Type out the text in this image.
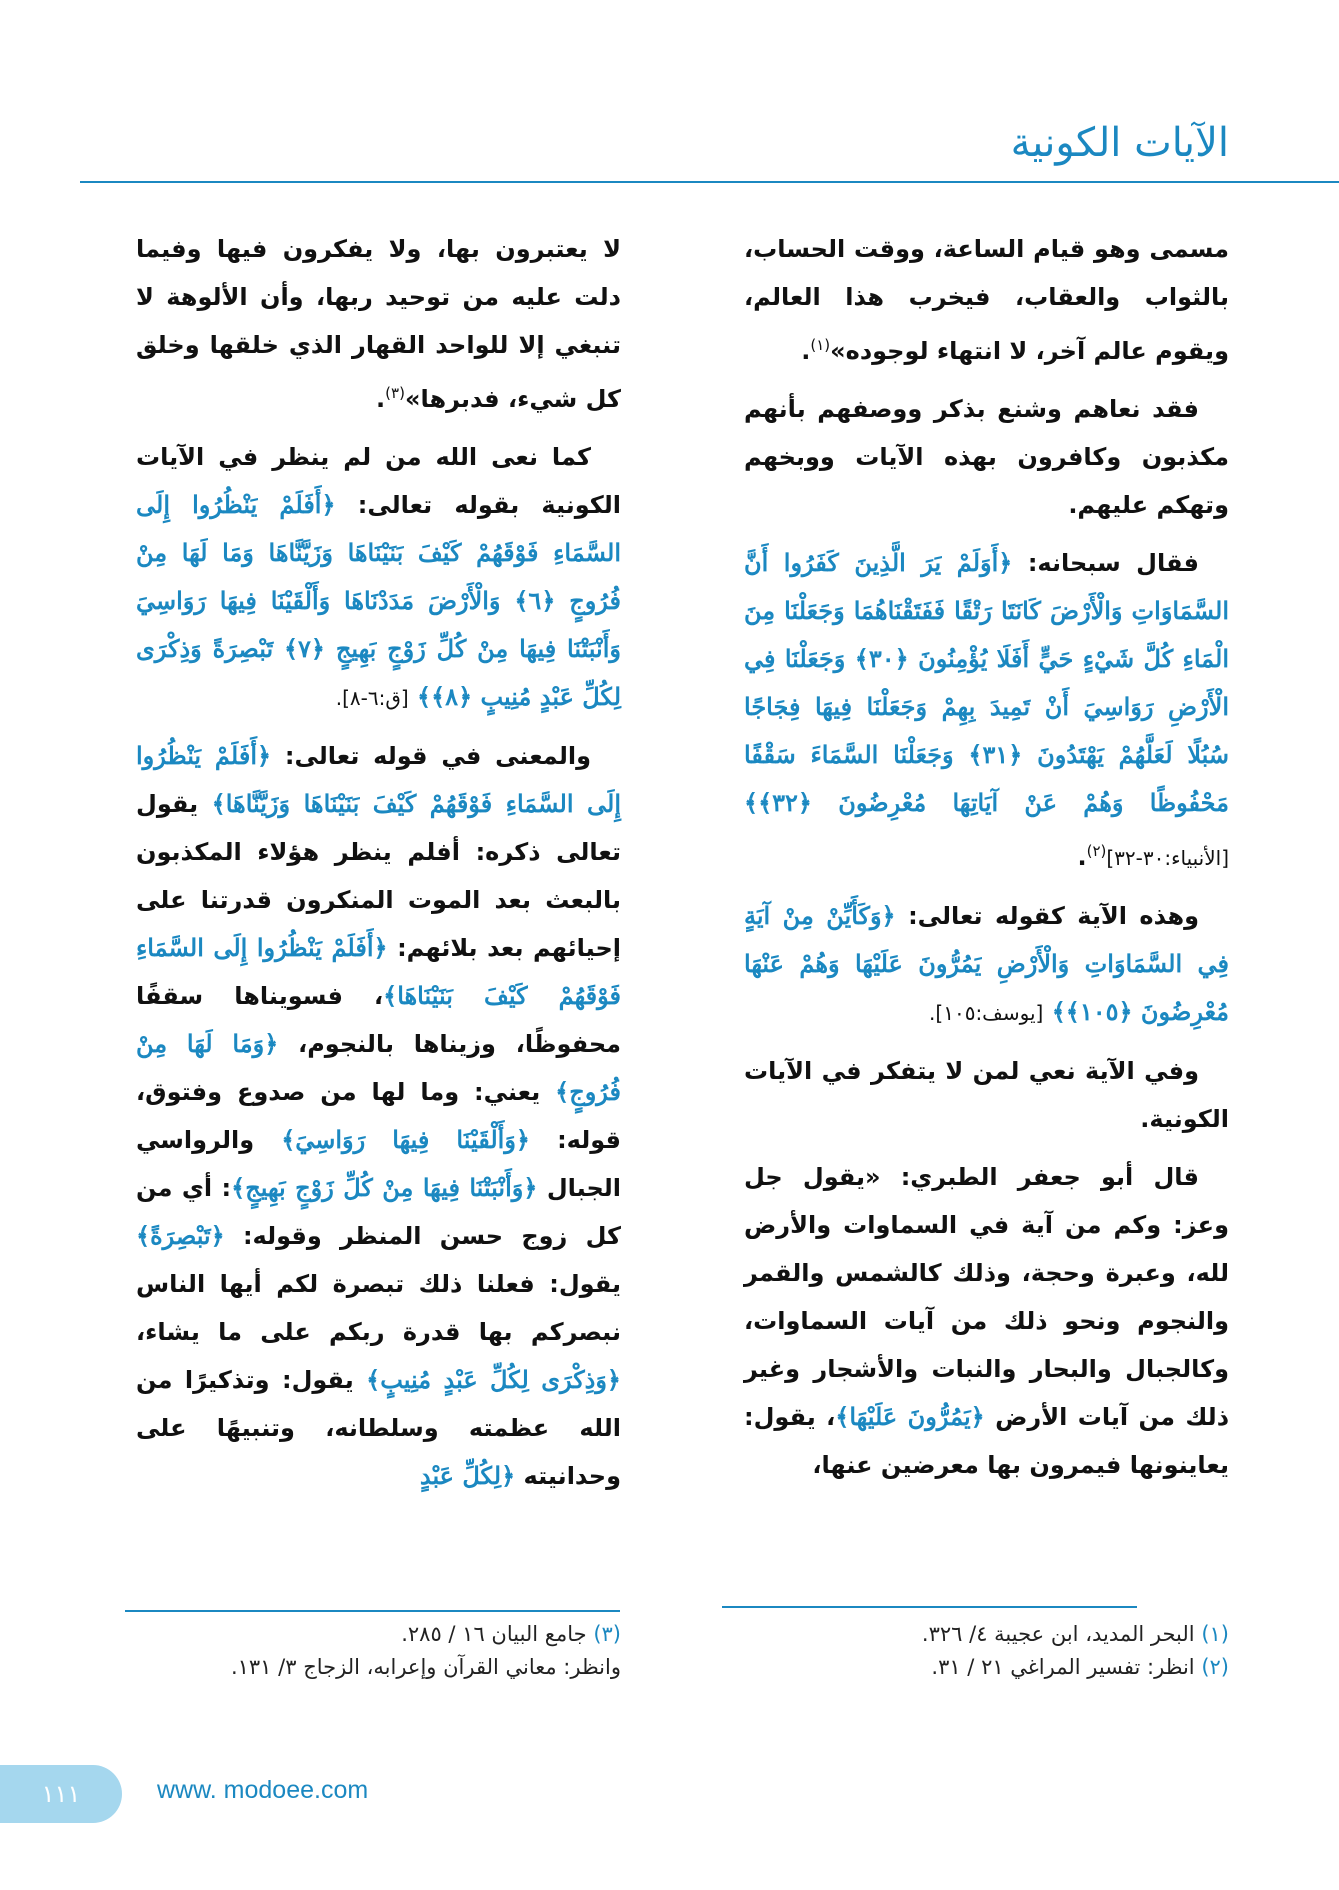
الآيات الكونية

مسمى وهو قيام الساعة، ووقت الحساب، بالثواب والعقاب، فيخرب هذا العالم، ويقوم عالم آخر، لا انتهاء لوجوده»$^{(١)}$.

فقد نعاهم وشنع بذكر ووصفهم بأنهم مكذبون وكافرون بهذه الآيات ووبخهم وتهكم عليهم.

فقال سبحانه: ﴿أَوَلَمْ يَرَ الَّذِينَ كَفَرُوا أَنَّ السَّمَاوَاتِ وَالْأَرْضَ كَانَتَا رَتْقًا فَفَتَقْنَاهُمَا وَجَعَلْنَا مِنَ الْمَاءِ كُلَّ شَيْءٍ حَيٍّ أَفَلَا يُؤْمِنُونَ ﴿٣٠﴾ وَجَعَلْنَا فِي الْأَرْضِ رَوَاسِيَ أَنْ تَمِيدَ بِهِمْ وَجَعَلْنَا فِيهَا فِجَاجًا سُبُلًا لَعَلَّهُمْ يَهْتَدُونَ ﴿٣١﴾ وَجَعَلْنَا السَّمَاءَ سَقْفًا مَحْفُوظًا وَهُمْ عَنْ آيَاتِهَا مُعْرِضُونَ ﴿٣٢﴾﴾ [الأنبياء:٣٠-٣٢]$^{(٢)}$.

وهذه الآية كقوله تعالى: ﴿وَكَأَيِّنْ مِنْ آيَةٍ فِي السَّمَاوَاتِ وَالْأَرْضِ يَمُرُّونَ عَلَيْهَا وَهُمْ عَنْهَا مُعْرِضُونَ ﴿١٠٥﴾﴾ [يوسف:١٠٥].

وفي الآية نعي لمن لا يتفكر في الآيات الكونية.

قال أبو جعفر الطبري: «يقول جل وعز: وكم من آية في السماوات والأرض لله، وعبرة وحجة، وذلك كالشمس والقمر والنجوم ونحو ذلك من آيات السماوات، وكالجبال والبحار والنبات والأشجار وغير ذلك من آيات الأرض ﴿يَمُرُّونَ عَلَيْهَا﴾، يقول: يعاينونها فيمرون بها معرضين عنها،

لا يعتبرون بها، ولا يفكرون فيها وفيما دلت عليه من توحيد ربها، وأن الألوهة لا تنبغي إلا للواحد القهار الذي خلقها وخلق كل شيء، فدبرها»$^{(٣)}$.

كما نعى الله من لم ينظر في الآيات الكونية بقوله تعالى: ﴿أَفَلَمْ يَنْظُرُوا إِلَى السَّمَاءِ فَوْقَهُمْ كَيْفَ بَنَيْنَاهَا وَزَيَّنَّاهَا وَمَا لَهَا مِنْ فُرُوجٍ ﴿٦﴾ وَالْأَرْضَ مَدَدْنَاهَا وَأَلْقَيْنَا فِيهَا رَوَاسِيَ وَأَنْبَتْنَا فِيهَا مِنْ كُلِّ زَوْجٍ بَهِيجٍ ﴿٧﴾ تَبْصِرَةً وَذِكْرَى لِكُلِّ عَبْدٍ مُنِيبٍ ﴿٨﴾﴾ [ق:٦-٨].

والمعنى في قوله تعالى: ﴿أَفَلَمْ يَنْظُرُوا إِلَى السَّمَاءِ فَوْقَهُمْ كَيْفَ بَنَيْنَاهَا وَزَيَّنَّاهَا﴾ يقول تعالى ذكره: أفلم ينظر هؤلاء المكذبون بالبعث بعد الموت المنكرون قدرتنا على إحيائهم بعد بلائهم: ﴿أَفَلَمْ يَنْظُرُوا إِلَى السَّمَاءِ فَوْقَهُمْ كَيْفَ بَنَيْنَاهَا﴾، فسويناها سقفًا محفوظًا، وزيناها بالنجوم، ﴿وَمَا لَهَا مِنْ فُرُوجٍ﴾ يعني: وما لها من صدوع وفتوق، قوله: ﴿وَأَلْقَيْنَا فِيهَا رَوَاسِيَ﴾ والرواسي الجبال ﴿وَأَنْبَتْنَا فِيهَا مِنْ كُلِّ زَوْجٍ بَهِيجٍ﴾: أي من كل زوج حسن المنظر وقوله: ﴿تَبْصِرَةً﴾ يقول: فعلنا ذلك تبصرة لكم أيها الناس نبصركم بها قدرة ربكم على ما يشاء، ﴿وَذِكْرَى لِكُلِّ عَبْدٍ مُنِيبٍ﴾ يقول: وتذكيرًا من الله عظمته وسلطانه، وتنبيهًا على وحدانيته ﴿لِكُلِّ عَبْدٍ

(١) البحر المديد، ابن عجيبة ٤/ ٣٢٦.
(٢) انظر: تفسير المراغي ٢١ / ٣١.
(٣) جامع البيان ١٦ / ٢٨٥.
وانظر: معاني القرآن وإعرابه، الزجاج ٣/ ١٣١.
١١١	www. modoee.com
